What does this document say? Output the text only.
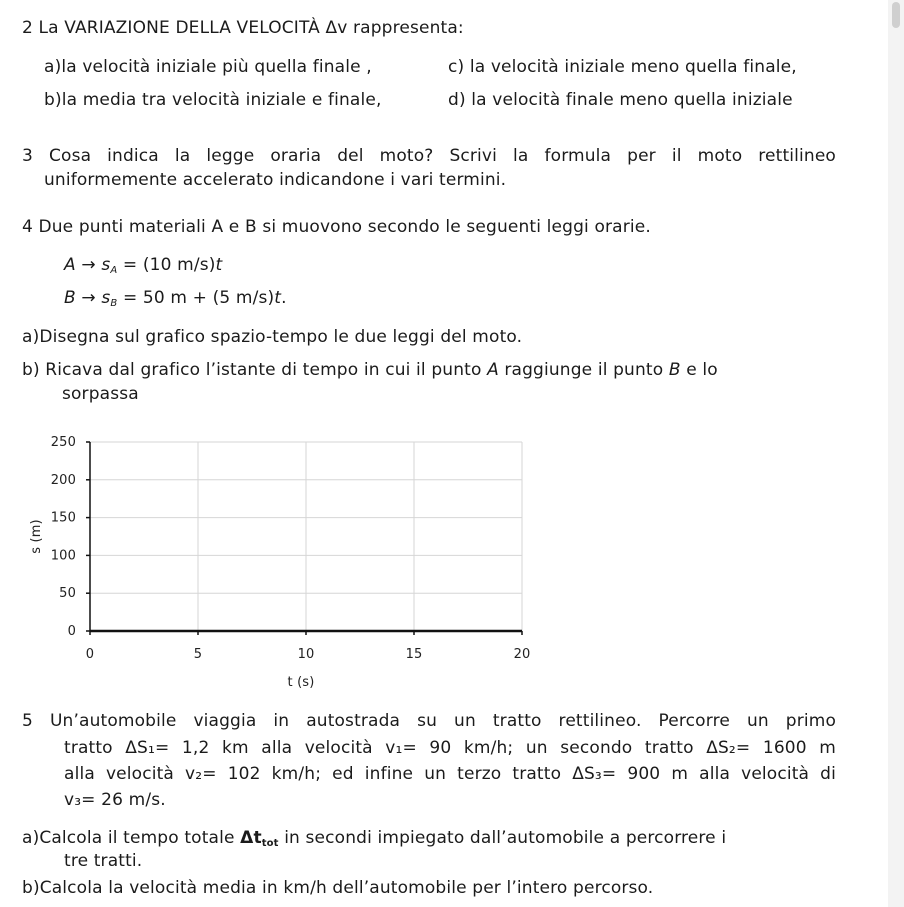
2 La VARIAZIONE DELLA VELOCITÀ Δv rappresenta:
a)la velocità iniziale più quella finale ,	c) la velocità iniziale meno quella finale,
b)la media tra velocità iniziale e finale,	d) la velocità finale meno quella iniziale
3 Cosa indica la legge oraria del moto? Scrivi la formula per il moto rettilineo
uniformemente accelerato indicandone i vari termini.
4 Due punti materiali A e B si muovono secondo le seguenti leggi orarie.
$A \to s_A = (10$ m/s)t
$B \to s_B = 50$ m + (5 m/s)t.
a)Disegna sul grafico spazio-tempo le due leggi del moto.
b) Ricava dal grafico l’istante di tempo in cui il punto A raggiunge il punto B e lo
sorpassa
0
50
100
150
200
250
0	5	10	15	20
s (m)
t (s)
5 Un’automobile viaggia in autostrada su un tratto rettilineo. Percorre un primo
tratto ΔS₁= 1,2 km alla velocità v₁= 90 km/h; un secondo tratto ΔS₂= 1600 m
alla velocità v₂= 102 km/h; ed infine un terzo tratto ΔS₃= 900 m alla velocità di
v₃= 26 m/s.
a)Calcola il tempo totale $\Delta t_{tot}$ in secondi impiegato dall’automobile a percorrere i
tre tratti.
b)Calcola la velocità media in km/h dell’automobile per l’intero percorso.
